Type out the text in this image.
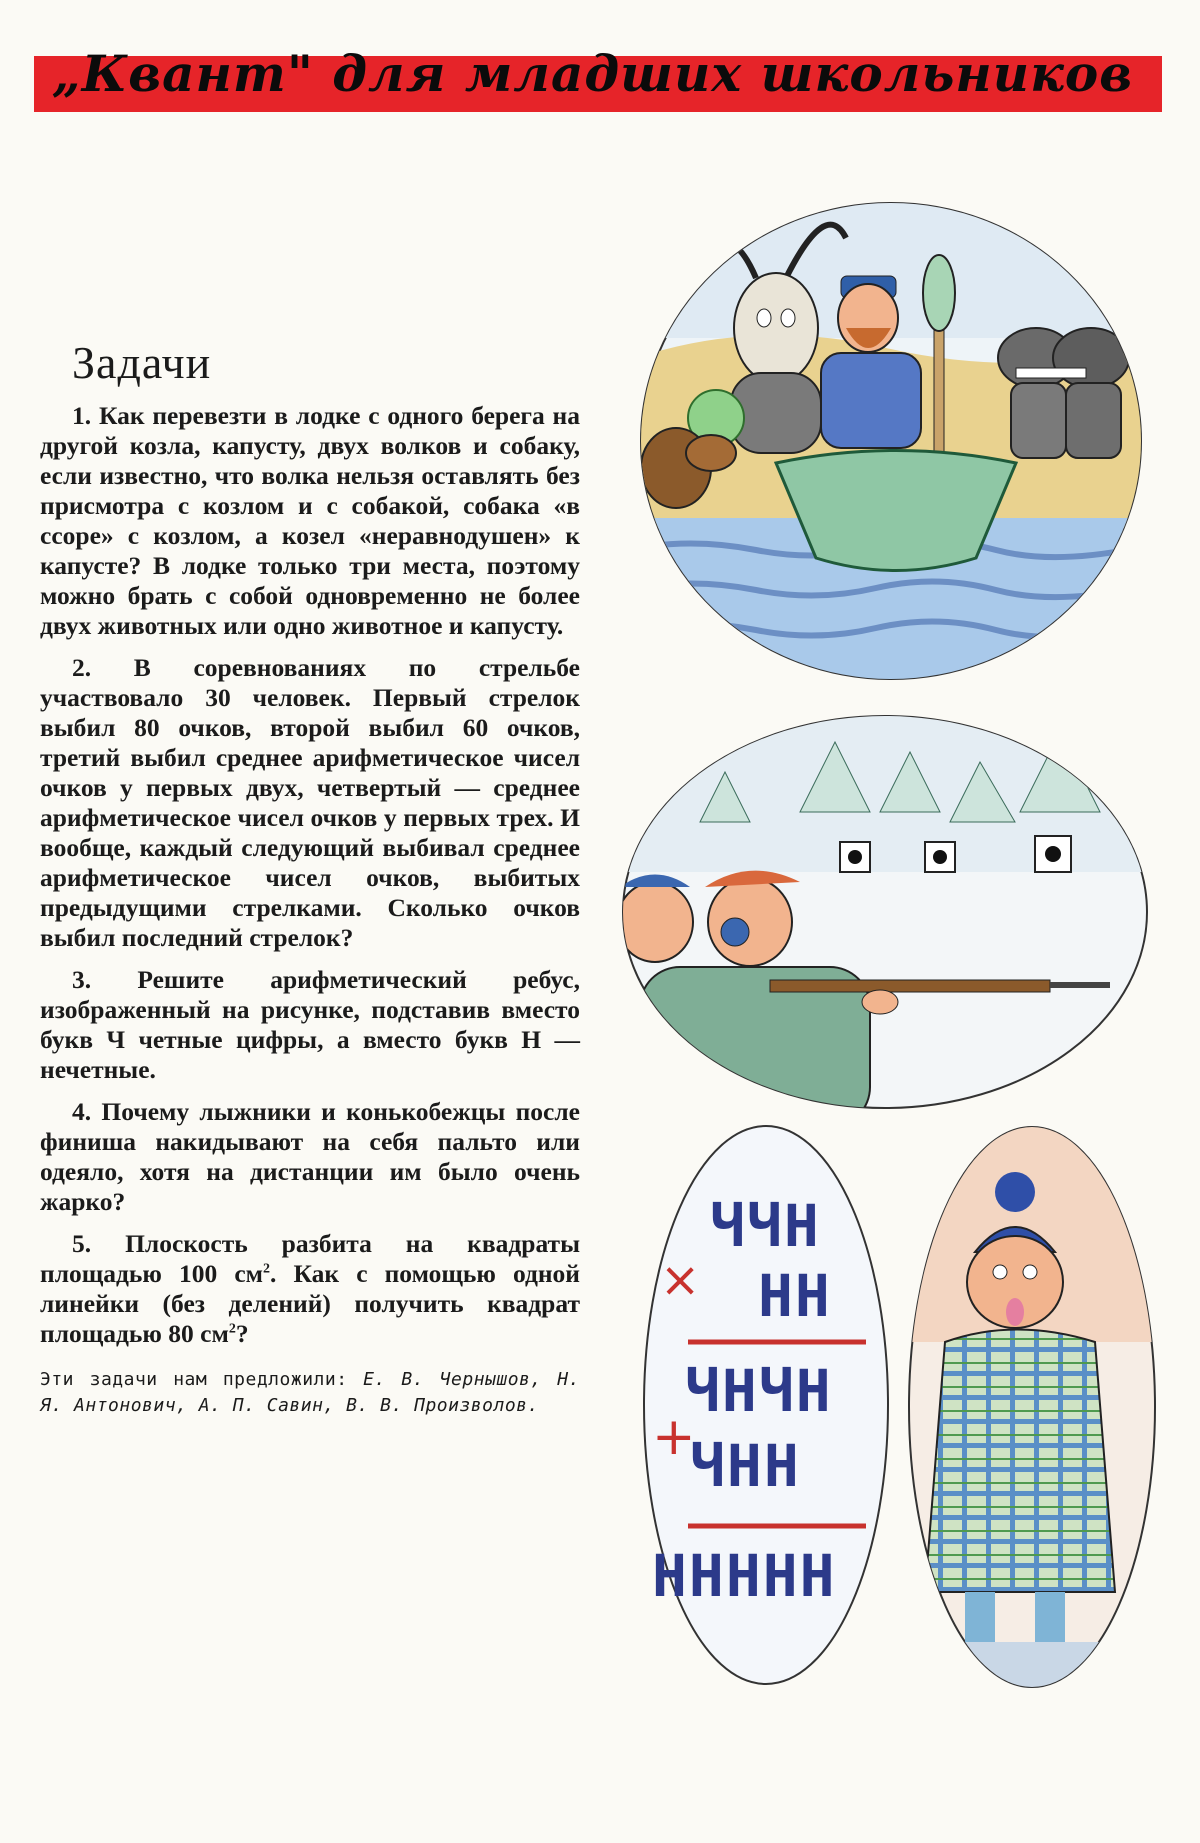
„Квант" для младших школьников
Задачи

1. Как перевезти в лодке с одного берега на другой козла, капусту, двух волков и собаку, если известно, что волка нельзя оставлять без присмотра с козлом и с собакой, собака «в ссоре» с козлом, а козел «неравнодушен» к капусте? В лодке только три места, поэтому можно брать с собой одновременно не более двух животных или одно животное и капусту.

2. В соревнованиях по стрельбе участвовало 30 человек. Первый стрелок выбил 80 очков, второй выбил 60 очков, третий выбил среднее арифметическое чисел очков у первых двух, четвертый — среднее арифметическое чисел очков у первых трех. И вообще, каждый следующий выбивал среднее арифметическое чисел очков, выбитых предыдущими стрелками. Сколько очков выбил последний стрелок?

3. Решите арифметический ребус, изображенный на рисунке, подставив вместо букв Ч четные цифры, а вместо букв Н — нечетные.

4. Почему лыжники и конькобежцы после финиша накидывают на себя пальто или одеяло, хотя на дистанции им было очень жарко?

5. Плоскость разбита на квадраты площадью 100 $см^2$. Как с помощью одной линейки (без делений) получить квадрат площадью 80 $см^2$?

Эти задачи нам предложили: Е. В. Чернышов, Н. Я. Антонович, А. П. Савин, В. В. Произволов.

ЧЧН
× НН
ЧНЧН
+
ЧНН
ННННН
